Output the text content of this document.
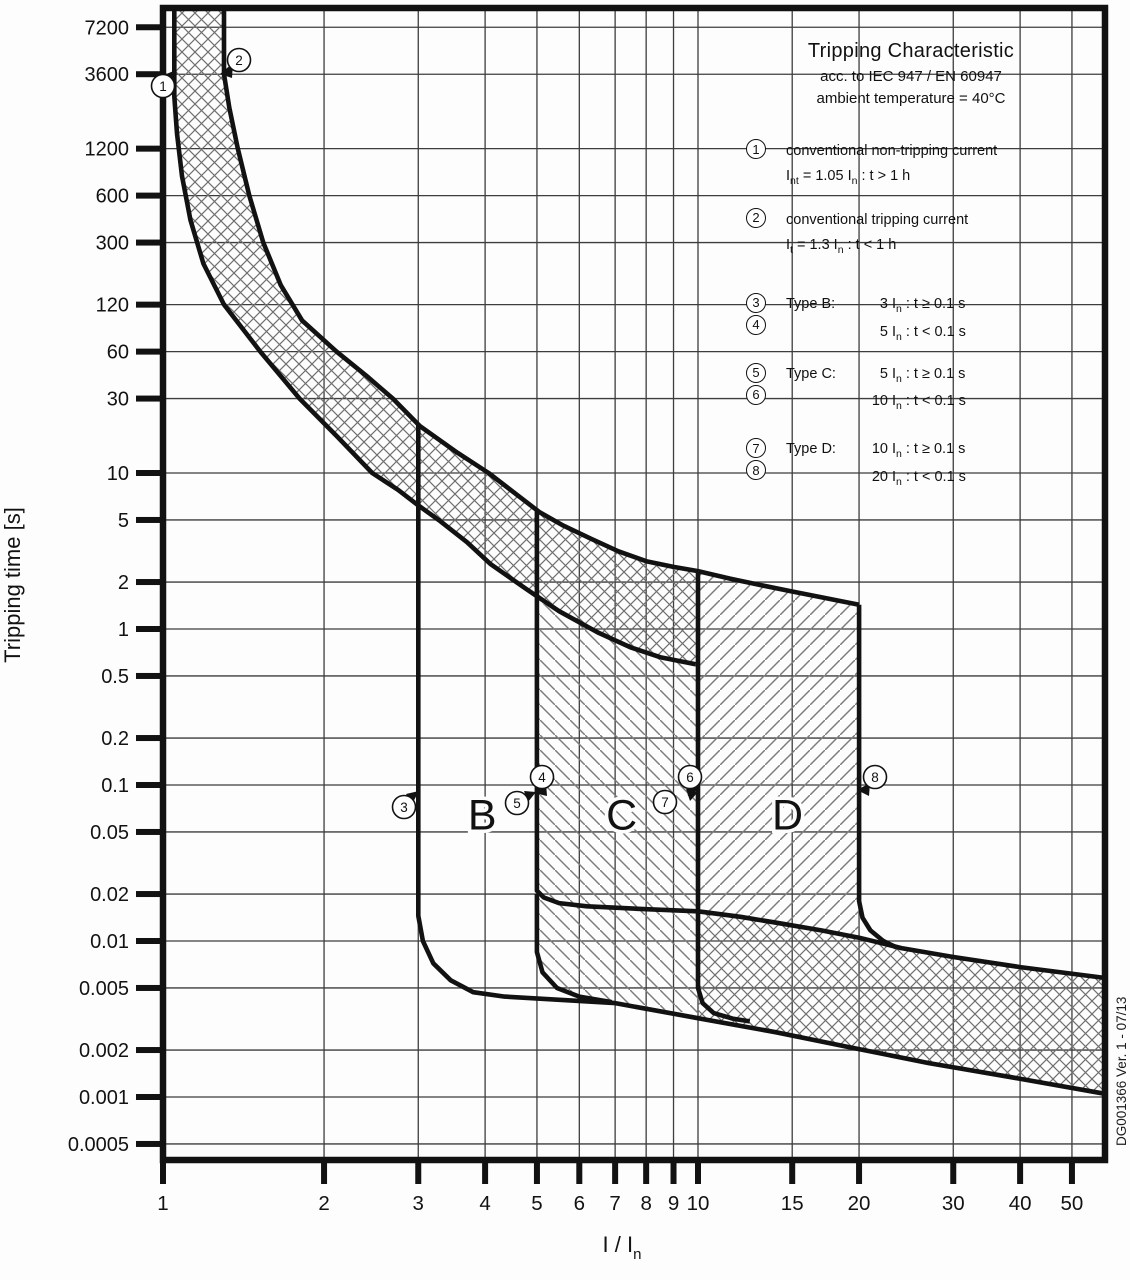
7200
3600
1200
600
300
120
60
30
10
5
2
1
0.5
0.2
0.1
0.05
0.02
0.01
0.005
0.002
0.001
0.0005
1	2	3	4 5 6 7 8 9 10	15 20	30 40 50
Tripping time [s]
I / $I_n$
B	C	D
1
2
3
4
5
6
7
8
DG001366 Ver. 1 - 07/13
Tripping Characteristic
acc. to IEC 947 / EN 60947
ambient temperature = 40°C
1	conventional non-tripping current
$I_{nt} = 1.05$ $I_n$ : t > 1 h
2	conventional tripping current
$I_t = 1.3$ $I_n$ : t < 1 h
3
4
Type B:	3 $I_n$ : t ≥ 0.1 s
5 $I_n$ : t < 0.1 s
5
6
Type C:	5 $I_n$ : t ≥ 0.1 s
10 $I_n$ : t < 0.1 s
7
8
Type D: 10 $I_n$ : t ≥ 0.1 s
20 $I_n$ : t < 0.1 s
